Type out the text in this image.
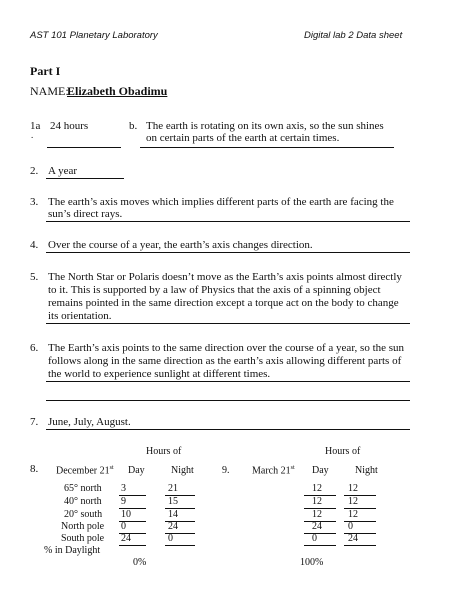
AST 101 Planetary Laboratory	Digital lab 2 Data sheet
Part I
NAME:
Elizabeth Obadimu
1a
.
24 hours	b. The earth is rotating on its own axis, so the sun shines
on certain parts of the earth at certain times.
2. A year
3. The earth’s axis moves which implies different parts of the earth are facing the
sun’s direct rays.
4. Over the course of a year, the earth’s axis changes direction.
5. The North Star or Polaris doesn’t move as the Earth’s axis points almost directly
to it. This is supported by a law of Physics that the axis of a spinning object
remains pointed in the same direction except a torque act on the body to change
its orientation.
6. The Earth’s axis points to the same direction over the course of a year, so the sun
follows along in the same direction as the earth’s axis allowing different parts of
the world to experience sunlight at different times.
7. June, July, August.
Hours of
8. December 21st Day	Night
65° north 3	21
40° north 9	15
20° south 10	14
North pole 0	24
South pole 24	0
% in Daylight
0%
Hours of
9. March 21st Day	Night
12	12
12	12
12	12
24	0
0	24
100%
